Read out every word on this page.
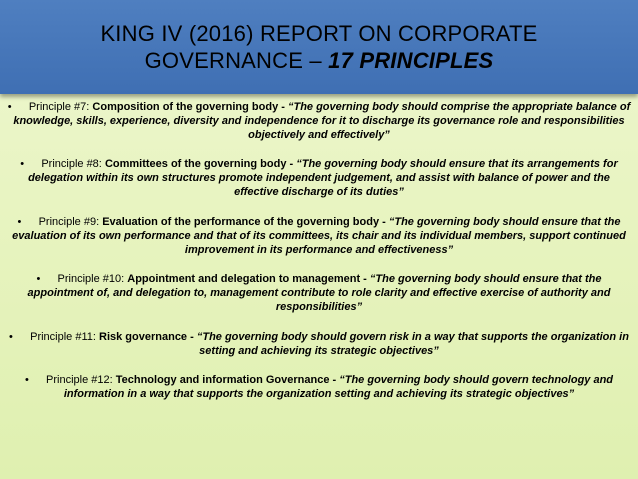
KING IV (2016) REPORT ON CORPORATE
GOVERNANCE – 17 PRINCIPLES
• Principle #7: Composition of the governing body - “The governing body should comprise the appropriate balance of knowledge, skills, experience, diversity and independence for it to discharge its governance role and responsibilities objectively and effectively”
• Principle #8: Committees of the governing body - “The governing body should ensure that its arrangements for delegation within its own structures promote independent judgement, and assist with balance of power and the effective discharge of its duties”
• Principle #9: Evaluation of the performance of the governing body - “The governing body should ensure that the evaluation of its own performance and that of its committees, its chair and its individual members, support continued improvement in its performance and effectiveness”
• Principle #10: Appointment and delegation to management - “The governing body should ensure that the appointment of, and delegation to, management contribute to role clarity and effective exercise of authority and responsibilities”
• Principle #11: Risk governance - “The governing body should govern risk in a way that supports the organization in setting and achieving its strategic objectives”
• Principle #12: Technology and information Governance - “The governing body should govern technology and information in a way that supports the organization setting and achieving its strategic objectives”
